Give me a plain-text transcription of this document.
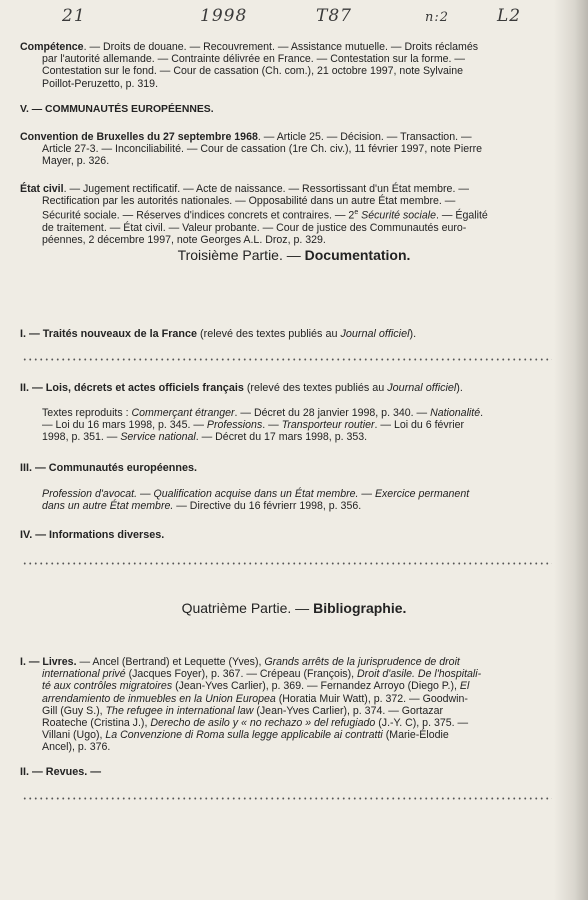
21	1998	T87	n:2	L2
Compétence. — Droits de douane. — Recouvrement. — Assistance mutuelle. — Droits réclamés
par l'autorité allemande. — Contrainte délivrée en France. — Contestation sur la forme. —
Contestation sur le fond. — Cour de cassation (Ch. com.), 21 octobre 1997, note Sylvaine
Poillot-Peruzetto, p. 319.
V. — COMMUNAUTÉS EUROPÉENNES.
Convention de Bruxelles du 27 septembre 1968. — Article 25. — Décision. — Transaction. —
Article 27-3. — Inconciliabilité. — Cour de cassation (1re Ch. civ.), 11 février 1997, note Pierre
Mayer, p. 326.
État civil. — Jugement rectificatif. — Acte de naissance. — Ressortissant d'un État membre. —
Rectification par les autorités nationales. — Opposabilité dans un autre État membre. —
Sécurité sociale. — Réserves d'indices concrets et contraires. — 2e Sécurité sociale. — Égalité
de traitement. — État civil. — Valeur probante. — Cour de justice des Communautés euro-
péennes, 2 décembre 1997, note Georges A.L. Droz, p. 329.
Troisième Partie. — Documentation.
I. — Traités nouveaux de la France (relevé des textes publiés au Journal officiel).
II. — Lois, décrets et actes officiels français (relevé des textes publiés au Journal officiel).
Textes reproduits : Commerçant étranger. — Décret du 28 janvier 1998, p. 340. — Nationalité.
— Loi du 16 mars 1998, p. 345. — Professions. — Transporteur routier. — Loi du 6 février
1998, p. 351. — Service national. — Décret du 17 mars 1998, p. 353.
III. — Communautés européennes.
Profession d'avocat. — Qualification acquise dans un État membre. — Exercice permanent
dans un autre État membre. — Directive du 16 févrierr 1998, p. 356.
IV. — Informations diverses.
Quatrième Partie. — Bibliographie.
I. — Livres. — Ancel (Bertrand) et Lequette (Yves), Grands arrêts de la jurisprudence de droit
international privé (Jacques Foyer), p. 367. — Crépeau (François), Droit d'asile. De l'hospitali-
té aux contrôles migratoires (Jean-Yves Carlier), p. 369. — Fernandez Arroyo (Diego P.), El
arrendamiento de inmuebles en la Union Europea (Horatia Muir Watt), p. 372. — Goodwin-
Gill (Guy S.), The refugee in international law (Jean-Yves Carlier), p. 374. — Gortazar
Roateche (Cristina J.), Derecho de asilo y « no rechazo » del refugiado (J.-Y. C), p. 375. —
Villani (Ugo), La Convenzione di Roma sulla legge applicabile ai contratti (Marie-Élodie
Ancel), p. 376.
II. — Revues. —
